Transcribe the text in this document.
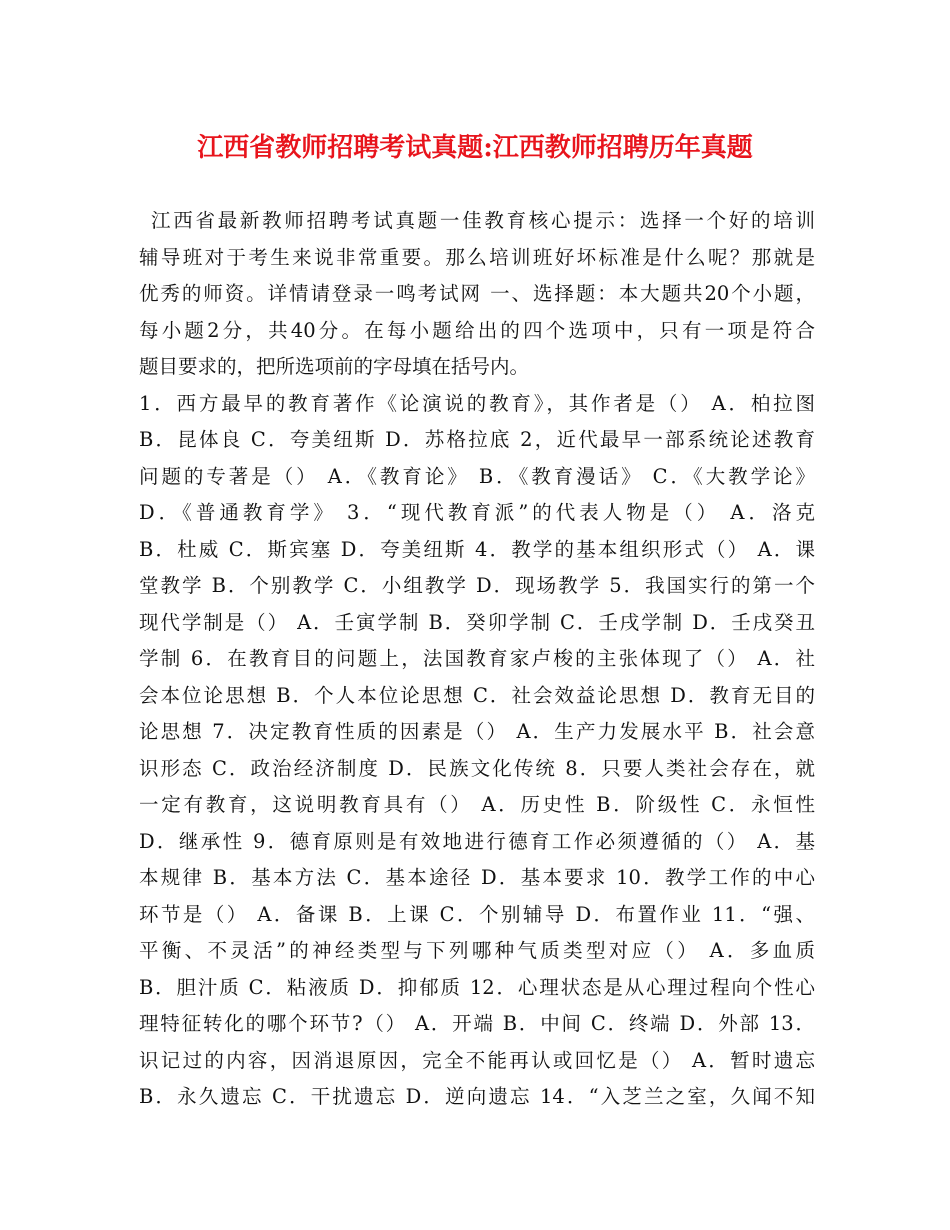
江西省教师招聘考试真题:江西教师招聘历年真题
江西省最新教师招聘考试真题一佳教育核心提示：选择一个好的培训
辅导班对于考生来说非常重要。那么培训班好坏标准是什么呢？那就是
优秀的师资。详情请登录一鸣考试网 一、选择题：本大题共20个小题，
每小题2分，共40分。在每小题给出的四个选项中，只有一项是符合
题目要求的，把所选项前的字母填在括号内。
1．西方最早的教育著作《论演说的教育》，其作者是（） A．柏拉图
B．昆体良 C．夸美纽斯 D．苏格拉底 2，近代最早一部系统论述教育
问题的专著是（） A．《教育论》 B．《教育漫话》 C．《大教学论》
D．《普通教育学》 3．“现代教育派”的代表人物是（） A．洛克
B．杜威 C．斯宾塞 D．夸美纽斯 4．教学的基本组织形式（） A．课
堂教学 B．个别教学 C．小组教学 D．现场教学 5．我国实行的第一个
现代学制是（） A．壬寅学制 B．癸卯学制 C．壬戌学制 D．壬戌癸丑
学制 6．在教育目的问题上，法国教育家卢梭的主张体现了（） A．社
会本位论思想 B．个人本位论思想 C．社会效益论思想 D．教育无目的
论思想 7．决定教育性质的因素是（） A．生产力发展水平 B．社会意
识形态 C．政治经济制度 D．民族文化传统 8．只要人类社会存在，就
一定有教育，这说明教育具有（） A．历史性 B．阶级性 C．永恒性
D．继承性 9．德育原则是有效地进行德育工作必须遵循的（） A．基
本规律 B．基本方法 C．基本途径 D．基本要求 10．教学工作的中心
环节是（） A．备课 B．上课 C．个别辅导 D．布置作业 11．“强、
平衡、不灵活”的神经类型与下列哪种气质类型对应（） A．多血质
B．胆汁质 C．粘液质 D．抑郁质 12．心理状态是从心理过程向个性心
理特征转化的哪个环节?（） A．开端 B．中间 C．终端 D．外部 13．
识记过的内容，因消退原因，完全不能再认或回忆是（） A．暂时遗忘
B．永久遗忘 C．干扰遗忘 D．逆向遗忘 14．“入芝兰之室，久闻不知
